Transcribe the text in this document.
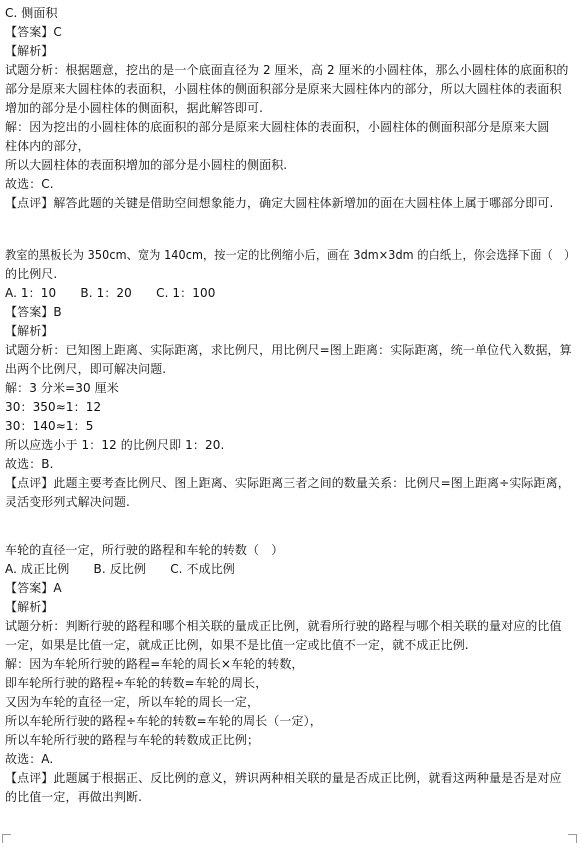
C. 侧面积
【答案】C
【解析】
试题分析：根据题意，挖出的是一个底面直径为 2 厘米，高 2 厘米的小圆柱体，那么小圆柱体的底面积的
部分是原来大圆柱体的表面积，小圆柱体的侧面积部分是原来大圆柱体内的部分，所以大圆柱体的表面积
增加的部分是小圆柱体的侧面积，据此解答即可.
解：因为挖出的小圆柱体的底面积的部分是原来大圆柱体的表面积，小圆柱体的侧面积部分是原来大圆
柱体内的部分，
所以大圆柱体的表面积增加的部分是小圆柱的侧面积.
故选：C.
【点评】解答此题的关键是借助空间想象能力，确定大圆柱体新增加的面在大圆柱体上属于哪部分即可.
教室的黑板长为 350cm、宽为 140cm，按一定的比例缩小后，画在 3dm×3dm 的白纸上，你会选择下面（　）
的比例尺.
A. 1：10　　B. 1：20　　C. 1：100
【答案】B
【解析】
试题分析：已知图上距离、实际距离，求比例尺，用比例尺=图上距离：实际距离，统一单位代入数据，算
出两个比例尺，即可解决问题.
解：3 分米=30 厘米
30：350≈1：12
30：140≈1：5
所以应选小于 1：12 的比例尺即 1：20.
故选：B.
【点评】此题主要考查比例尺、图上距离、实际距离三者之间的数量关系：比例尺=图上距离÷实际距离，
灵活变形列式解决问题.
车轮的直径一定，所行驶的路程和车轮的转数（　）
A. 成正比例　　B. 反比例　　C. 不成比例
【答案】A
【解析】
试题分析：判断行驶的路程和哪个相关联的量成正比例，就看所行驶的路程与哪个相关联的量对应的比值
一定，如果是比值一定，就成正比例，如果不是比值一定或比值不一定，就不成正比例.
解：因为车轮所行驶的路程=车轮的周长×车轮的转数，
即车轮所行驶的路程÷车轮的转数=车轮的周长，
又因为车轮的直径一定，所以车轮的周长一定，
所以车轮所行驶的路程÷车轮的转数=车轮的周长（一定），
所以车轮所行驶的路程与车轮的转数成正比例；
故选：A.
【点评】此题属于根据正、反比例的意义，辨识两种相关联的量是否成正比例，就看这两种量是否是对应
的比值一定，再做出判断.
